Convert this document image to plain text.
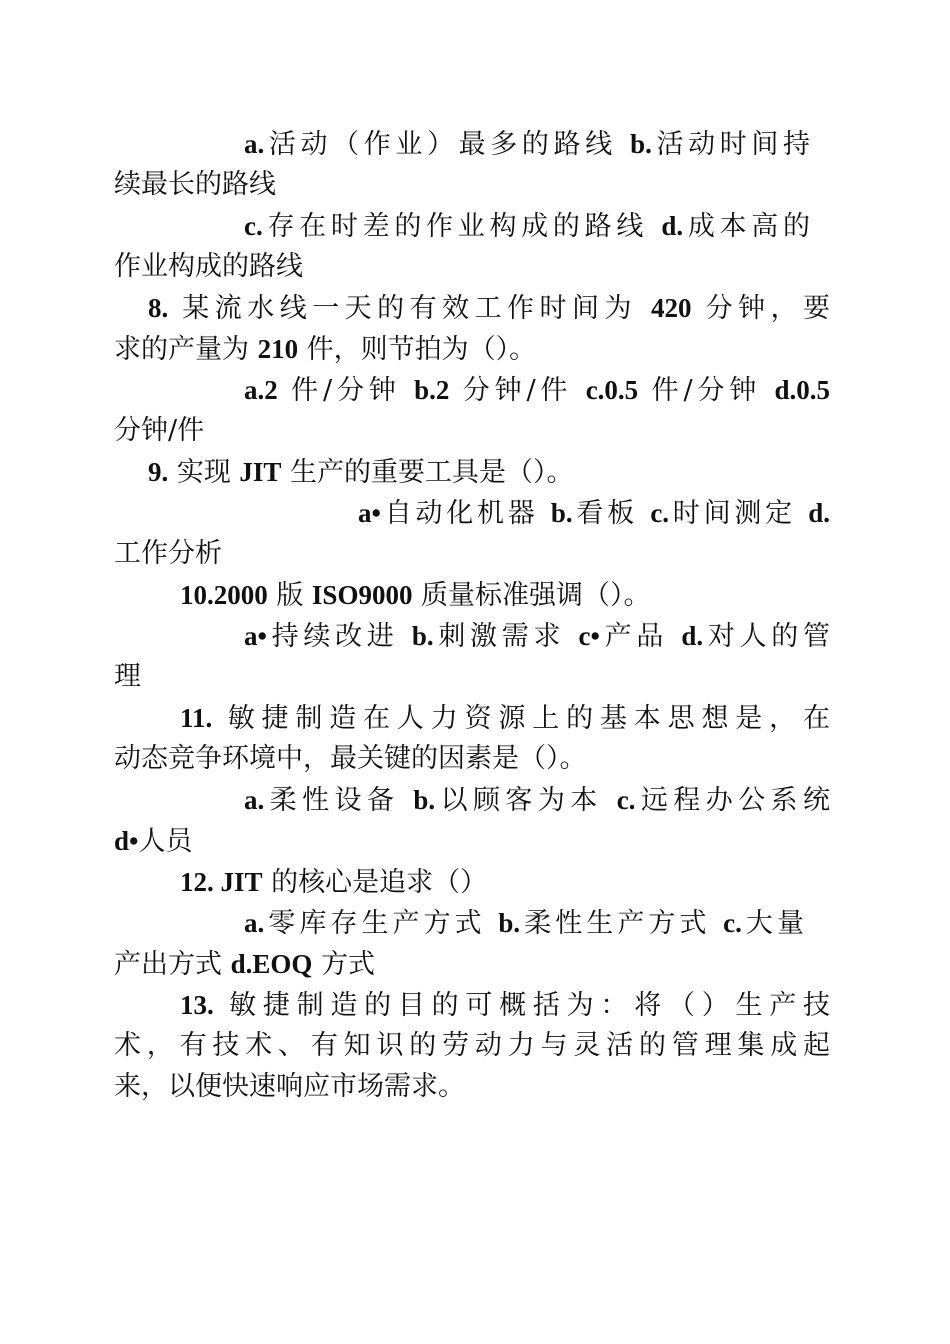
a.活动（作业）最多的路线 b.活动时间持
续最长的路线
c.存在时差的作业构成的路线 d.成本高的
作业构成的路线
8. 某流水线一天的有效工作时间为 420 分钟，要
求的产量为 210 件，则节拍为（）。
a.2 件/分钟 b.2 分钟/件 c.0.5 件/分钟 d.0.5
分钟/件
9. 实现 JIT 生产的重要工具是（）。
a•自动化机器 b.看板 c.时间测定 d.
工作分析
10.2000 版 ISO9000 质量标准强调（）。
a•持续改进 b.刺激需求 c•产品 d.对人的管
理
11. 敏捷制造在人力资源上的基本思想是，在
动态竞争环境中，最关键的因素是（）。
a.柔性设备 b.以顾客为本 c.远程办公系统
d•人员
12. JIT 的核心是追求（）
a.零库存生产方式 b.柔性生产方式 c.大量
产出方式 d.EOQ 方式
13. 敏捷制造的目的可概括为：将（）生产技
术，有技术、有知识的劳动力与灵活的管理集成起
来，以便快速响应市场需求。
